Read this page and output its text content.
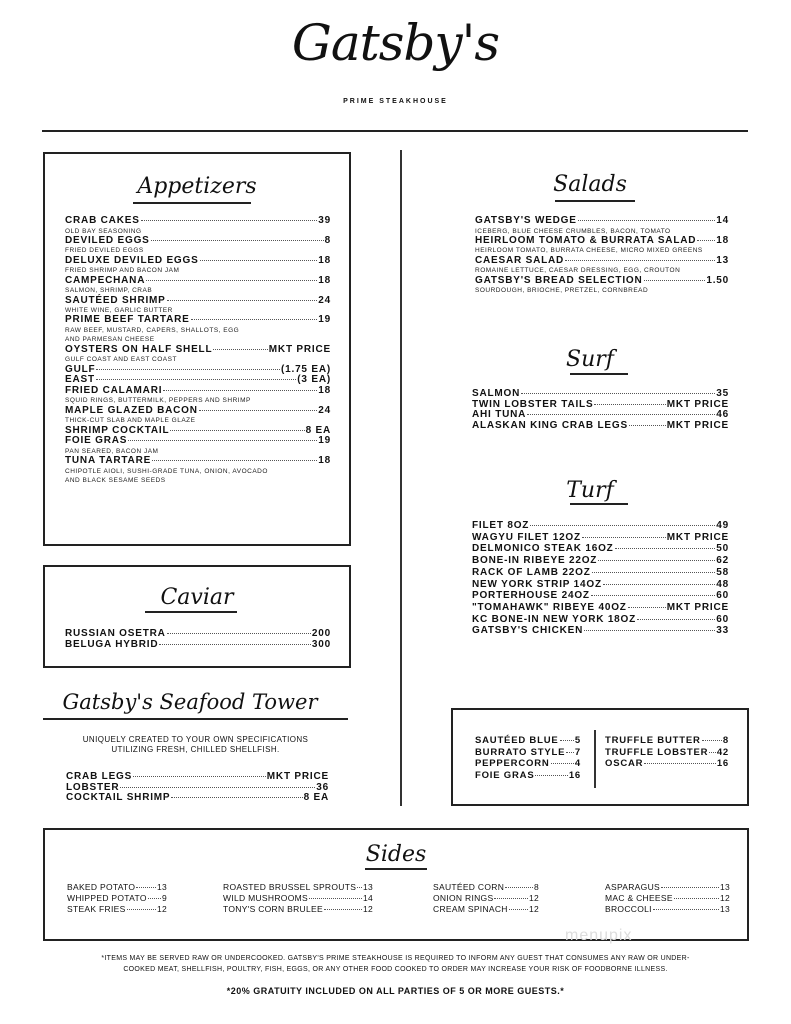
Gatsby's
PRIME STEAKHOUSE
Appetizers
CRAB CAKES	39
OLD BAY SEASONING
DEVILED EGGS	8
FRIED DEVILED EGGS
DELUXE DEVILED EGGS	18
FRIED SHRIMP AND BACON JAM
CAMPECHANA	18
SALMON, SHRIMP, CRAB
SAUTÉED SHRIMP	24
WHITE WINE, GARLIC BUTTER
PRIME BEEF TARTARE	19
RAW BEEF, MUSTARD, CAPERS, SHALLOTS, EGG
AND PARMESAN CHEESE
OYSTERS ON HALF SHELL	MKT PRICE
GULF COAST AND EAST COAST
GULF	(1.75 EA)
EAST	(3 EA)
FRIED CALAMARI	18
SQUID RINGS, BUTTERMILK, PEPPERS AND SHRIMP
MAPLE GLAZED BACON	24
THICK-CUT SLAB AND MAPLE GLAZE
SHRIMP COCKTAIL	8 EA
FOIE GRAS	19
PAN SEARED, BACON JAM
TUNA TARTARE	18
CHIPOTLE AIOLI, SUSHI-GRADE TUNA, ONION, AVOCADO
AND BLACK SESAME SEEDS
Caviar
RUSSIAN OSETRA	200
BELUGA HYBRID	300
Gatsby's Seafood Tower
UNIQUELY CREATED TO YOUR OWN SPECIFICATIONS
UTILIZING FRESH, CHILLED SHELLFISH.
CRAB LEGS	MKT PRICE
LOBSTER	36
COCKTAIL SHRIMP	8 EA
Salads
GATSBY'S WEDGE	14
ICEBERG, BLUE CHEESE CRUMBLES, BACON, TOMATO
HEIRLOOM TOMATO & BURRATA SALAD 18
HEIRLOOM TOMATO, BURRATA CHEESE, MICRO MIXED GREENS
CAESAR SALAD	13
ROMAINE LETTUCE, CAESAR DRESSING, EGG, CROUTON
GATSBY'S BREAD SELECTION	1.50
SOURDOUGH, BRIOCHE, PRETZEL, CORNBREAD
Surf
SALMON	35
TWIN LOBSTER TAILS	MKT PRICE
AHI TUNA	46
ALASKAN KING CRAB LEGS	MKT PRICE
Turf
FILET 8OZ	49
WAGYU FILET 12OZ	MKT PRICE
DELMONICO STEAK 16OZ	50
BONE-IN RIBEYE 22OZ	62
RACK OF LAMB 22OZ	58
NEW YORK STRIP 14OZ	48
PORTERHOUSE 24OZ	60
"TOMAHAWK" RIBEYE 40OZ	MKT PRICE
KC BONE-IN NEW YORK 18OZ	60
GATSBY'S CHICKEN	33
SAUTÉED BLUE 5
BURRATO STYLE 7
PEPPERCORN	4
FOIE GRAS	16
TRUFFLE BUTTER 8
TRUFFLE LOBSTER 42
OSCAR	16
Sides
BAKED POTATO	13
WHIPPED POTATO 9
STEAK FRIES	12
ROASTED BRUSSEL SPROUTS 13
WILD MUSHROOMS	14
TONY'S CORN BRULEE	12
SAUTÉED CORN	8
ONION RINGS	12
CREAM SPINACH 12
ASPARAGUS	13
MAC & CHEESE	12
BROCCOLI	13
menupix
*ITEMS MAY BE SERVED RAW OR UNDERCOOKED. GATSBY'S PRIME STEAKHOUSE IS REQUIRED TO INFORM ANY GUEST THAT CONSUMES ANY RAW OR UNDER-
COOKED MEAT, SHELLFISH, POULTRY, FISH, EGGS, OR ANY OTHER FOOD COOKED TO ORDER MAY INCREASE YOUR RISK OF FOODBORNE ILLNESS.
*20% GRATUITY INCLUDED ON ALL PARTIES OF 5 OR MORE GUESTS.*
